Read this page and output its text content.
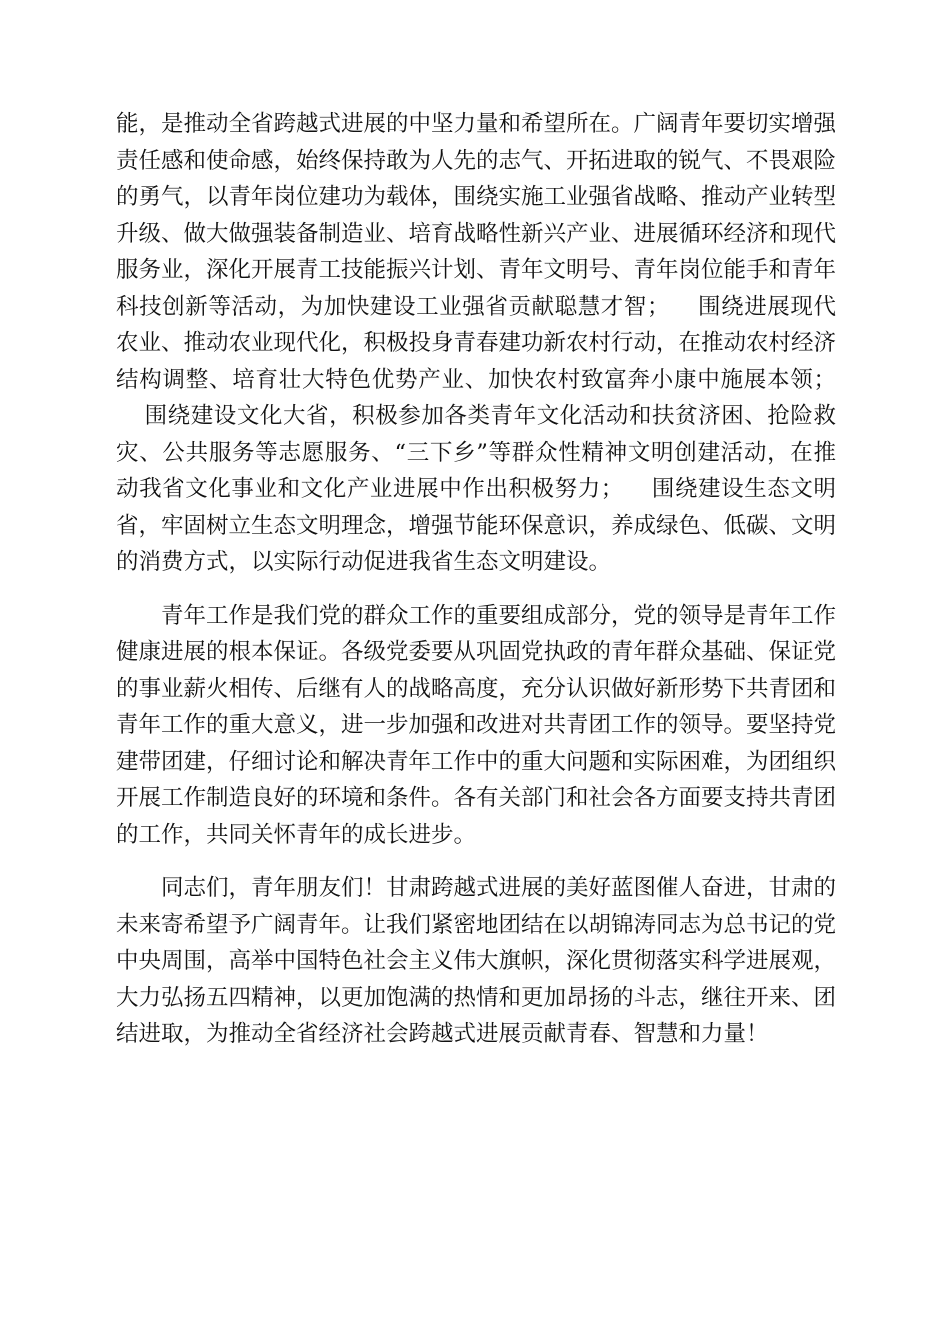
能，是推动全省跨越式进展的中坚力量和希望所在。广阔青年要切实增强责任感和使命感，始终保持敢为人先的志气、开拓进取的锐气、不畏艰险的勇气，以青年岗位建功为载体，围绕实施工业强省战略、推动产业转型升级、做大做强装备制造业、培育战略性新兴产业、进展循环经济和现代服务业，深化开展青工技能振兴计划、青年文明号、青年岗位能手和青年科技创新等活动，为加快建设工业强省贡献聪慧才智； 围绕进展现代农业、推动农业现代化，积极投身青春建功新农村行动，在推动农村经济结构调整、培育壮大特色优势产业、加快农村致富奔小康中施展本领；围绕建设文化大省，积极参加各类青年文化活动和扶贫济困、抢险救灾、公共服务等志愿服务、“三下乡”等群众性精神文明创建活动，在推动我省文化事业和文化产业进展中作出积极努力； 围绕建设生态文明省，牢固树立生态文明理念，增强节能环保意识，养成绿色、低碳、文明的消费方式，以实际行动促进我省生态文明建设。

青年工作是我们党的群众工作的重要组成部分，党的领导是青年工作健康进展的根本保证。各级党委要从巩固党执政的青年群众基础、保证党的事业薪火相传、后继有人的战略高度，充分认识做好新形势下共青团和青年工作的重大意义，进一步加强和改进对共青团工作的领导。要坚持党建带团建，仔细讨论和解决青年工作中的重大问题和实际困难，为团组织开展工作制造良好的环境和条件。各有关部门和社会各方面要支持共青团的工作，共同关怀青年的成长进步。

同志们，青年朋友们！甘肃跨越式进展的美好蓝图催人奋进，甘肃的未来寄希望予广阔青年。让我们紧密地团结在以胡锦涛同志为总书记的党中央周围，高举中国特色社会主义伟大旗帜，深化贯彻落实科学进展观，大力弘扬五四精神，以更加饱满的热情和更加昂扬的斗志，继往开来、团结进取，为推动全省经济社会跨越式进展贡献青春、智慧和力量！
